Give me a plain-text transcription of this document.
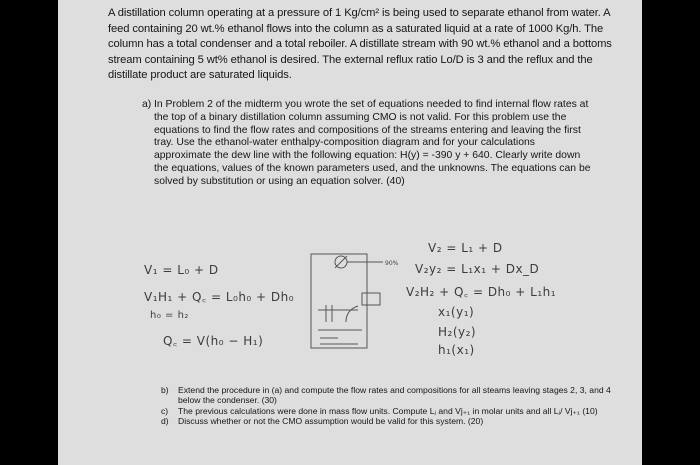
A distillation column operating at a pressure of 1 Kg/cm² is being used to separate ethanol from water. A feed containing 20 wt.% ethanol flows into the column as a saturated liquid at a rate of 1000 Kg/h. The column has a total condenser and a total reboiler. A distillate stream with 90 wt.% ethanol and a bottoms stream containing 5 wt% ethanol is desired. The external reflux ratio Lo/D is 3 and the reflux and the distillate product are saturated liquids.
a) In Problem 2 of the midterm you wrote the set of equations needed to find internal flow rates at the top of a binary distillation column assuming CMO is not valid. For this problem use the equations to find the flow rates and compositions of the streams entering and leaving the first tray. Use the ethanol-water enthalpy-composition diagram and for your calculations approximate the dew line with the following equation: H(y) = -390 y + 640. Clearly write down the equations, values of the known parameters used, and the unknowns. The equations can be solved by substitution or using an equation solver. (40)
V₁ = L₀ + D
V₁H₁ + Q꜀ = L₀h₀ + Dh₀
h₀ = h₂
Q꜀ = V(h₀ − H₁)
V₂ = L₁ + D
V₂y₂ = L₁x₁ + Dx_D
V₂H₂ + Q꜀ = Dh₀ + L₁h₁
x₁(y₁)
H₂(y₂)
h₁(x₁)
90%
b) Extend the procedure in (a) and compute the flow rates and compositions for all steams leaving stages 2, 3, and 4 below the condenser. (30)
c) The previous calculations were done in mass flow units. Compute Lⱼ and Vj₊₁ in molar units and all Lⱼ/ Vj₊₁ (10)
d) Discuss whether or not the CMO assumption would be valid for this system. (20)
